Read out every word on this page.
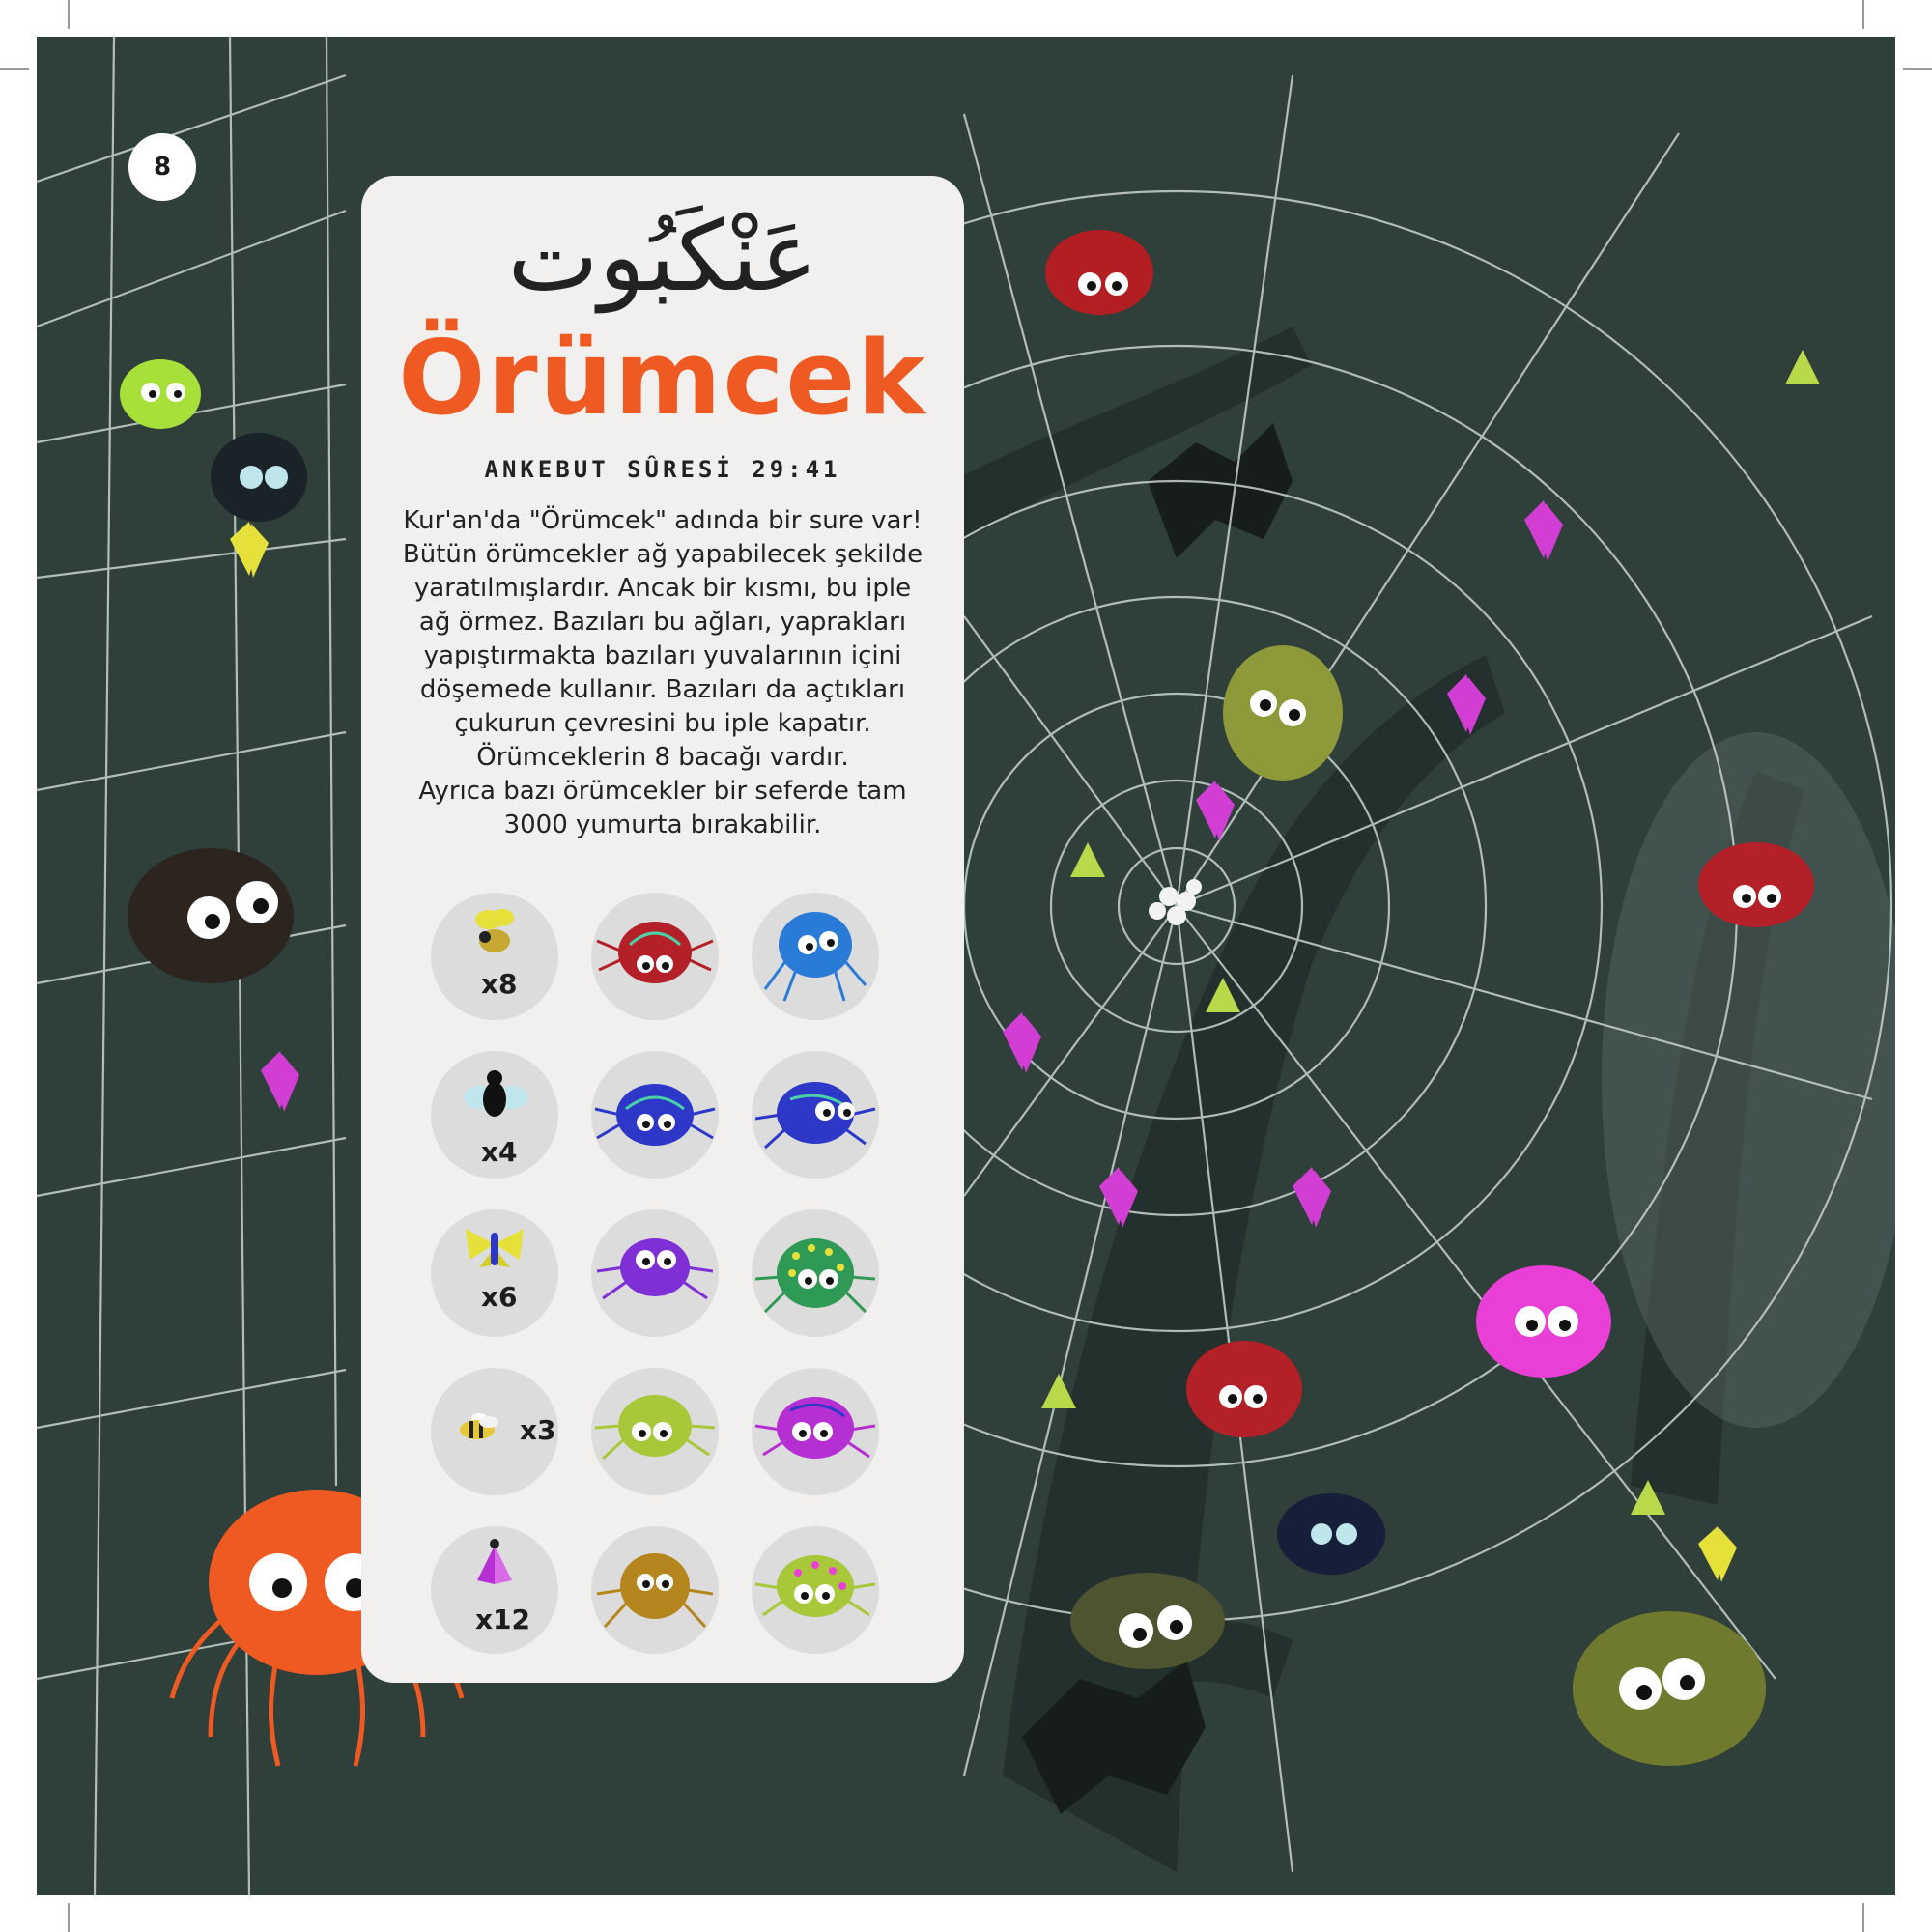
8
عَنْكَبُوت
Örümcek
ANKEBUT SÛRESİ 29:41
Kur'an'da "Örümcek" adında bir sure var! Bütün örümcekler ağ yapabilecek şekilde yaratılmışlardır. Ancak bir kısmı, bu iple ağ örmez. Bazıları bu ağları, yaprakları yapıştırmakta bazıları yuvalarının içini döşemede kullanır. Bazıları da açtıkları çukurun çevresini bu iple kapatır. Örümceklerin 8 bacağı vardır.
Ayrıca bazı örümcekler bir seferde tam 3000 yumurta bırakabilir.
x8
x4
x6
x3
x12
